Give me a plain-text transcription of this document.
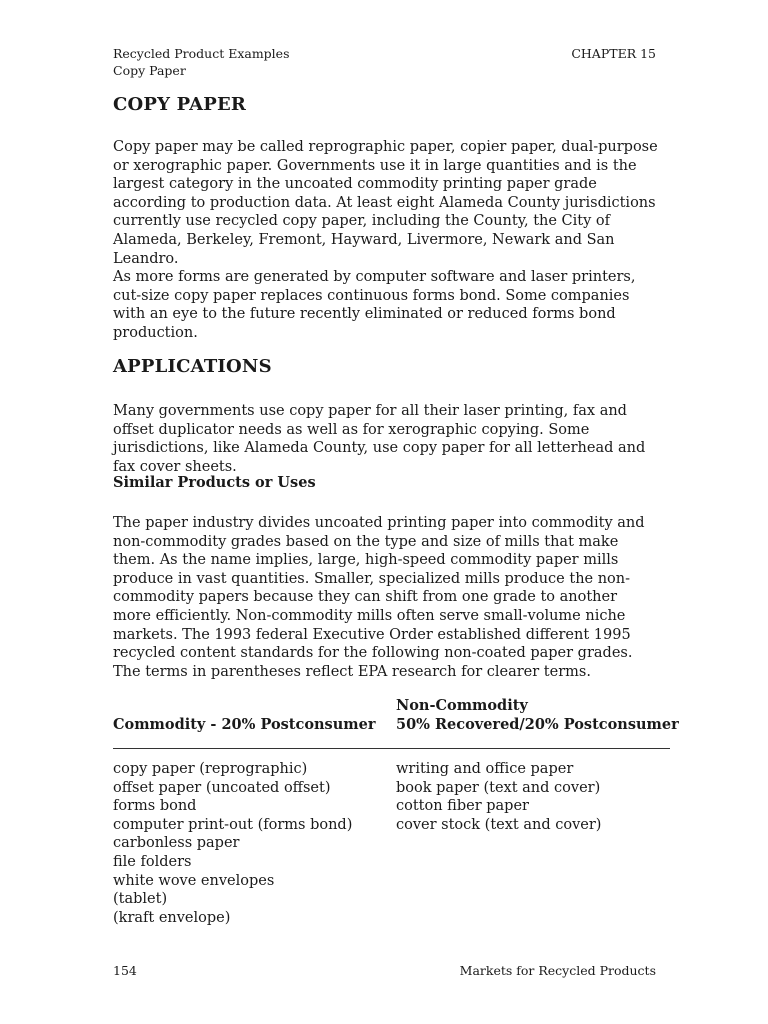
Recycled Product Examples
Copy Paper
CHAPTER 15
COPY PAPER

Copy paper may be called reprographic paper, copier paper, dual-purpose or xerographic paper. Governments use it in large quantities and is the largest category in the uncoated commodity printing paper grade according to production data. At least eight Alameda County jurisdictions currently use recycled copy paper, including the County, the City of Alameda, Berkeley, Fremont, Hayward, Livermore, Newark and San Leandro.

As more forms are generated by computer software and laser printers, cut-size copy paper replaces continuous forms bond. Some companies with an eye to the future recently eliminated or reduced forms bond production.

APPLICATIONS

Many governments use copy paper for all their laser printing, fax and offset duplicator needs as well as for xerographic copying. Some jurisdictions, like Alameda County, use copy paper for all letterhead and fax cover sheets.

Similar Products or Uses

The paper industry divides uncoated printing paper into commodity and non-commodity grades based on the type and size of mills that make them. As the name implies, large, high-speed commodity paper mills produce in vast quantities. Smaller, specialized mills produce the non-commodity papers because they can shift from one grade to another more efficiently. Non-commodity mills often serve small-volume niche markets. The 1993 federal Executive Order established different 1995 recycled content standards for the following non-coated paper grades. The terms in parentheses reflect EPA research for clearer terms.

Commodity - 20% Postconsumer
Non-Commodity
50% Recovered/20% Postconsumer
copy paper (reprographic)
offset paper (uncoated offset)
forms bond
computer print-out (forms bond)
carbonless paper
file folders
white wove envelopes
(tablet)
(kraft envelope)
writing and office paper
book paper (text and cover)
cotton fiber paper
cover stock (text and cover)
154	Markets for Recycled Products
